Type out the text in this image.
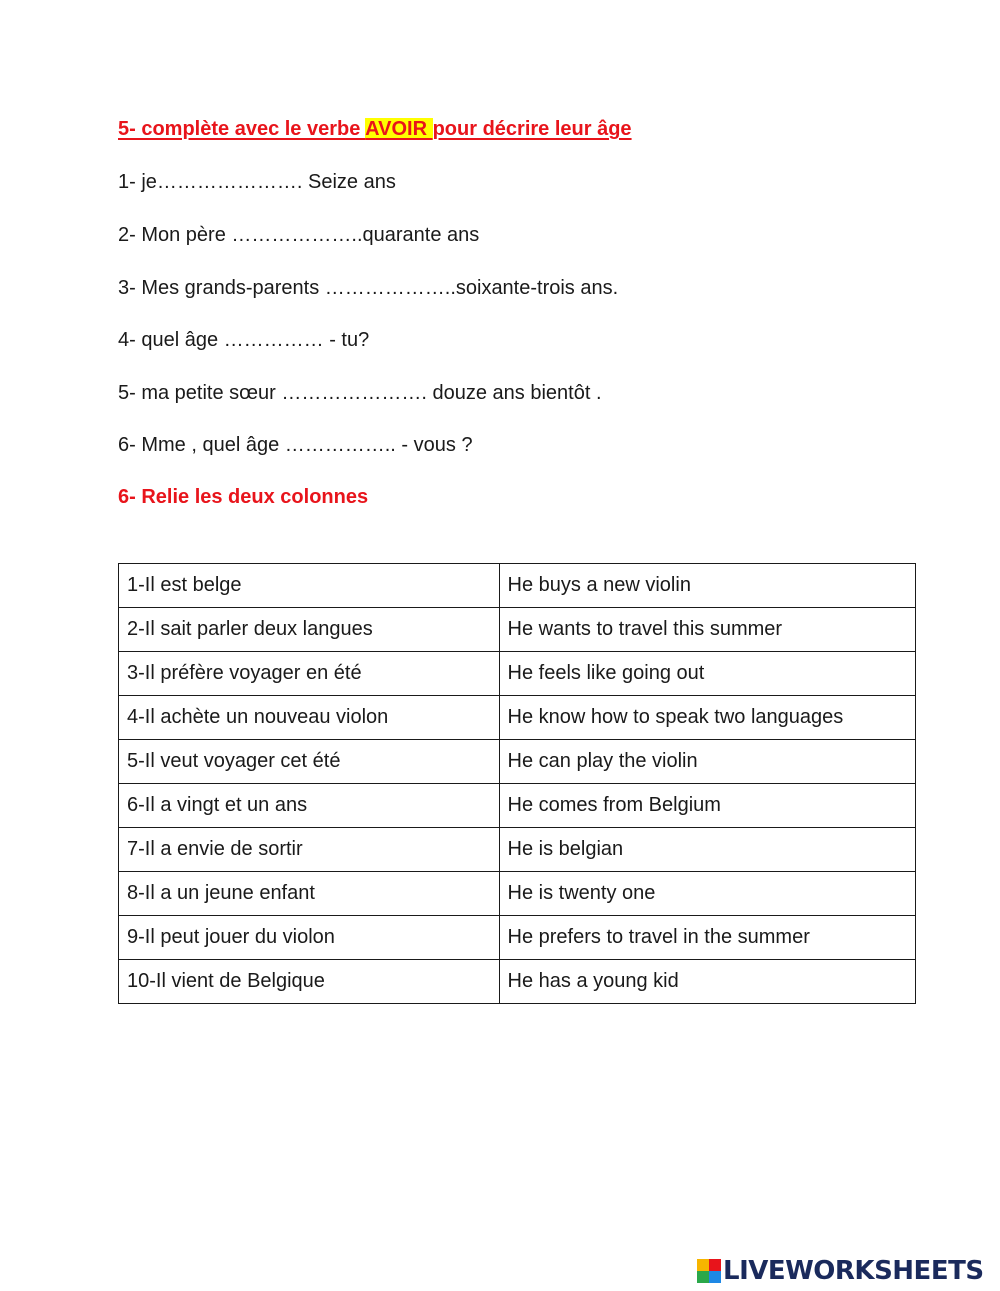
5- complète avec le verbe AVOIR pour décrire leur âge
1- je…………………. Seize ans
2- Mon père ………………..quarante ans
3- Mes grands-parents ………………..soixante-trois ans.
4- quel âge …………… - tu?
5- ma petite sœur …………………. douze ans bientôt .
6- Mme , quel âge …………….. - vous ?
6- Relie les deux colonnes
1-Il est belge	He buys a new violin
2-Il sait parler deux langues	He wants to travel this summer
3-Il préfère voyager en été	He feels like going out
4-Il achète un nouveau violon	He know how to speak two languages
5-Il veut voyager cet été	He can play the violin
6-Il a vingt et un ans	He comes from Belgium
7-Il a envie de sortir	He is belgian
8-Il a un jeune enfant	He is twenty one
9-Il peut jouer du violon	He prefers to travel in the summer
10-Il vient de Belgique	He has a young kid
LIVEWORKSHEETS
